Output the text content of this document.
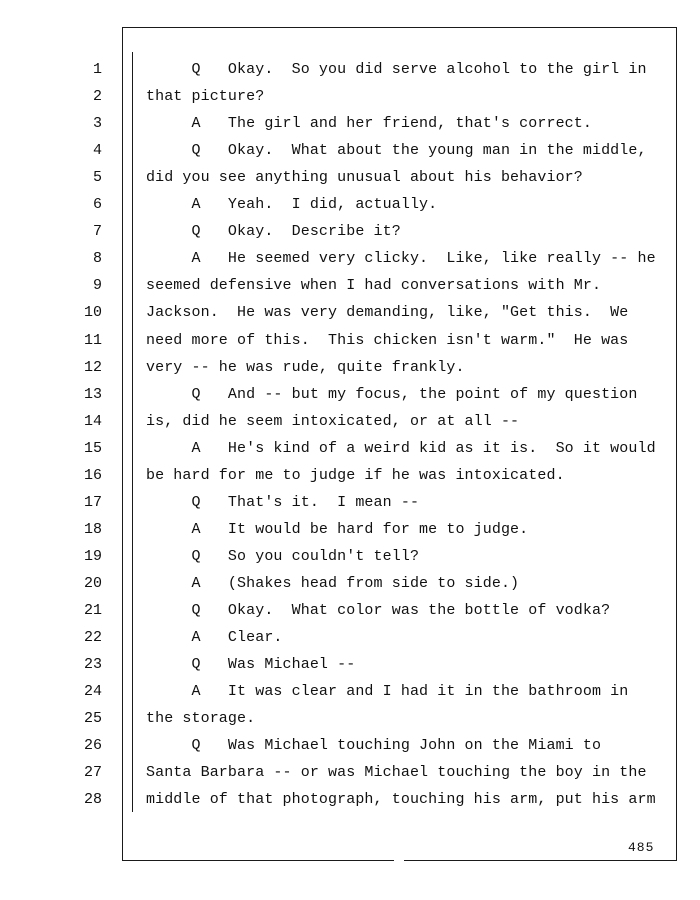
1	Q   Okay.  So you did serve alcohol to the girl in
2	that picture?
3	A   The girl and her friend, that's correct.
4	Q   Okay.  What about the young man in the middle,
5	did you see anything unusual about his behavior?
6	A   Yeah.  I did, actually.
7	Q   Okay.  Describe it?
8	A   He seemed very clicky.  Like, like really -- he
9	seemed defensive when I had conversations with Mr.
10	Jackson.  He was very demanding, like, "Get this.  We
11	need more of this.  This chicken isn't warm."  He was
12	very -- he was rude, quite frankly.
13	Q   And -- but my focus, the point of my question
14	is, did he seem intoxicated, or at all --
15	A   He's kind of a weird kid as it is.  So it would
16	be hard for me to judge if he was intoxicated.
17	Q   That's it.  I mean --
18	A   It would be hard for me to judge.
19	Q   So you couldn't tell?
20	A   (Shakes head from side to side.)
21	Q   Okay.  What color was the bottle of vodka?
22	A   Clear.
23	Q   Was Michael --
24	A   It was clear and I had it in the bathroom in
25	the storage.
26	Q   Was Michael touching John on the Miami to
27	Santa Barbara -- or was Michael touching the boy in the
28	middle of that photograph, touching his arm, put his arm
485
